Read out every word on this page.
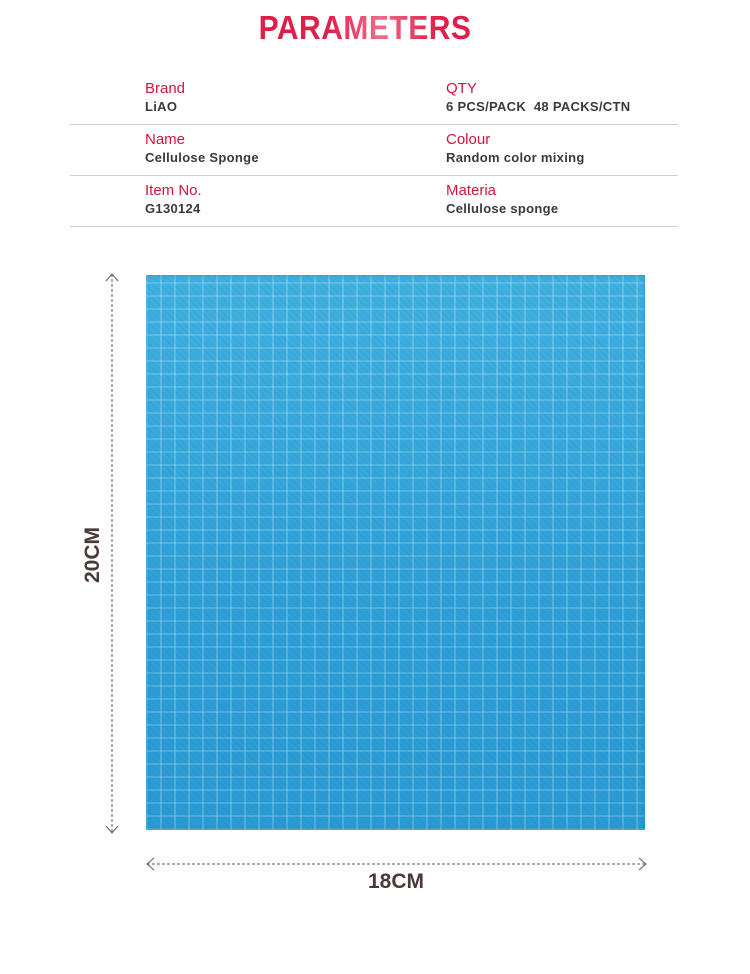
PARAMETERS
Brand
LiAO
QTY
6 PCS/PACK  48 PACKS/CTN
Name
Cellulose Sponge
Colour
Random color mixing
Item No.
G130124
Materia
Cellulose sponge
20CM
18CM
